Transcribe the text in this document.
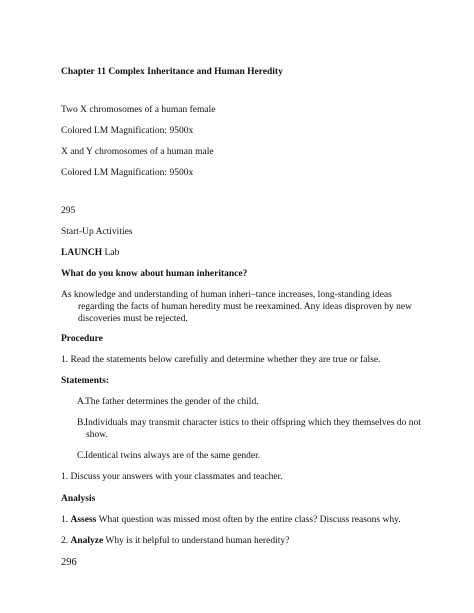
Chapter 11 Complex Inheritance and Human Heredity
Two X chromosomes of a human female
Colored LM Magnification: 9500x
X and Y chromosomes of a human male
Colored LM Magnification: 9500x
295
Start-Up Activities
LAUNCH Lab
What do you know about human inheritance?
As knowledge and understanding of human inheri–tance increases, long-standing ideas
regarding the facts of human heredity must be reexamined. Any ideas disproven by new
discoveries must be rejected.
Procedure
1. Read the statements below carefully and determine whether they are true or false.
Statements:
A.The father determines the gender of the child.
B.Individuals may transmit character istics to their offspring which they themselves do not
show.
C.Identical twins always are of the same gender.
1. Discuss your answers with your classmates and teacher.
Analysis
1. Assess What question was missed most often by the entire class? Discuss reasons why.
2. Analyze Why is it helpful to understand human heredity?
296
